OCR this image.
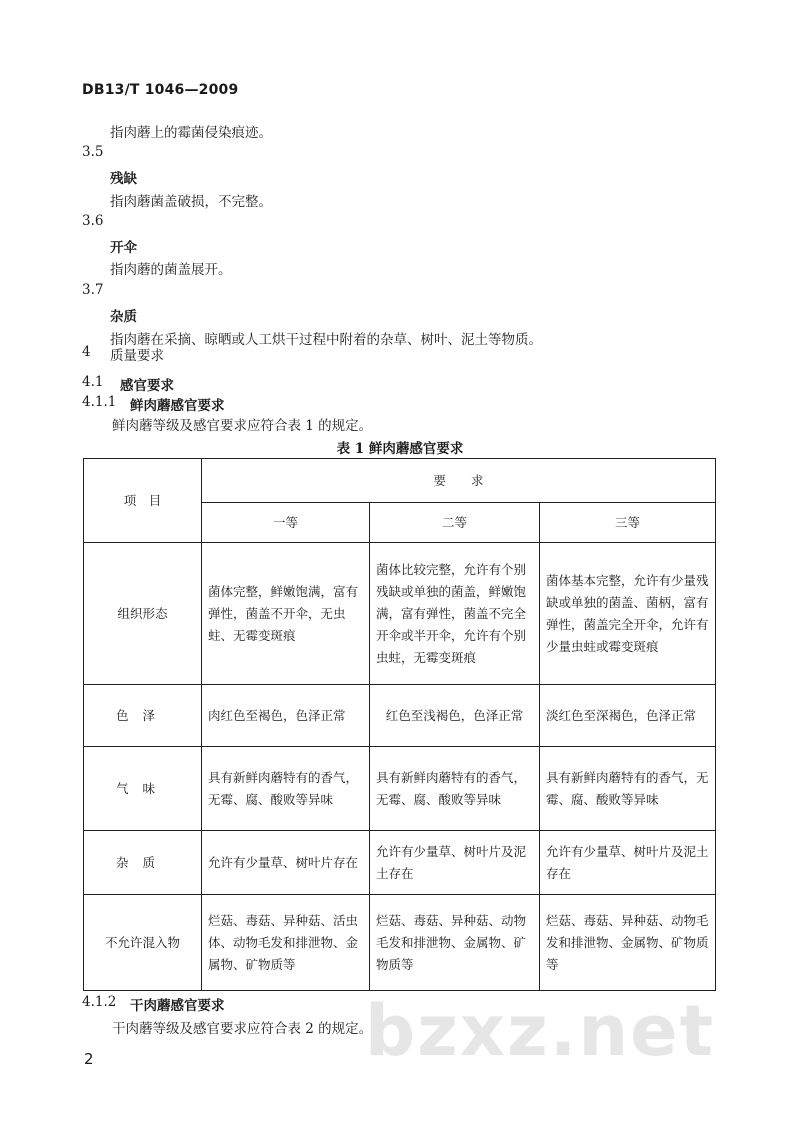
DB13/T 1046—2009
指肉蘑上的霉菌侵染痕迹。
3.5
残缺
指肉蘑菌盖破损，不完整。
3.6
开伞
指肉蘑的菌盖展开。
3.7
杂质
指肉蘑在采摘、晾晒或人工烘干过程中附着的杂草、树叶、泥土等物质。
4 质量要求
4.1 感官要求
4.1.1 鲜肉蘑感官要求
鲜肉蘑等级及感官要求应符合表 1 的规定。
表 1 鲜肉蘑感官要求
项　目	要　　求		
	一等	二等	三等
组织形态	菌体完整，鲜嫩饱满，富有弹性，菌盖不开伞，无虫蛀、无霉变斑痕	菌体比较完整，允许有个别残缺或单独的菌盖，鲜嫩饱满，富有弹性，菌盖不完全开伞或半开伞，允许有个别虫蛀，无霉变斑痕	菌体基本完整，允许有少量残缺或单独的菌盖、菌柄，富有弹性，菌盖完全开伞，允许有少量虫蛀或霉变斑痕
色泽	肉红色至褐色，色泽正常	红色至浅褐色，色泽正常	淡红色至深褐色，色泽正常
气味	具有新鲜肉蘑特有的香气，无霉、腐、酸败等异味	具有新鲜肉蘑特有的香气，无霉、腐、酸败等异味	具有新鲜肉蘑特有的香气，无霉、腐、酸败等异味
杂质	允许有少量草、树叶片存在	允许有少量草、树叶片及泥土存在	允许有少量草、树叶片及泥土存在
不允许混入物	烂菇、毒菇、异种菇、活虫体、动物毛发和排泄物、金属物、矿物质等	烂菇、毒菇、异种菇、动物毛发和排泄物、金属物、矿物质等	烂菇、毒菇、异种菇、动物毛发和排泄物、金属物、矿物质等
bzxz.net
4.1.2 干肉蘑感官要求
干肉蘑等级及感官要求应符合表 2 的规定。
2
